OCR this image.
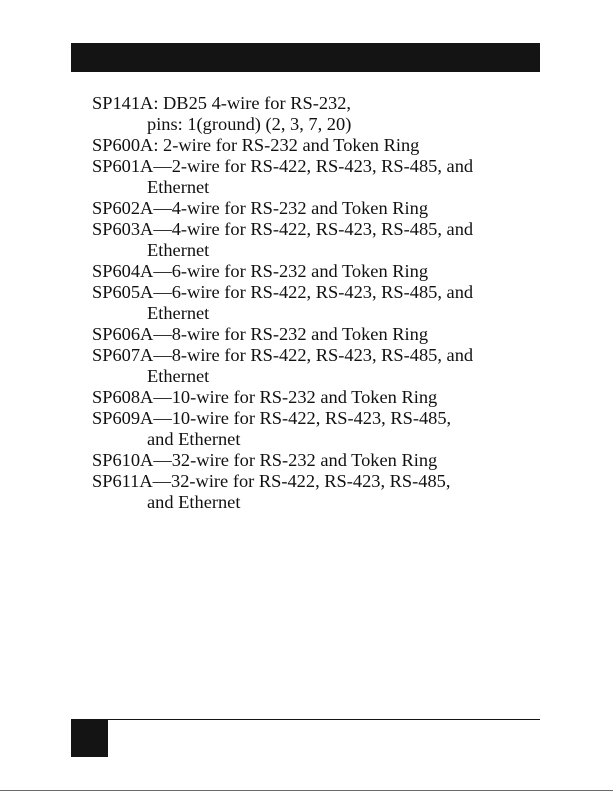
SP141A: DB25 4-wire for RS-232,
pins: 1(ground) (2, 3, 7, 20)
SP600A: 2-wire for RS-232 and Token Ring
SP601A—2-wire for RS-422, RS-423, RS-485, and
Ethernet
SP602A—4-wire for RS-232 and Token Ring
SP603A—4-wire for RS-422, RS-423, RS-485, and
Ethernet
SP604A—6-wire for RS-232 and Token Ring
SP605A—6-wire for RS-422, RS-423, RS-485, and
Ethernet
SP606A—8-wire for RS-232 and Token Ring
SP607A—8-wire for RS-422, RS-423, RS-485, and
Ethernet
SP608A—10-wire for RS-232 and Token Ring
SP609A—10-wire for RS-422, RS-423, RS-485,
and Ethernet
SP610A—32-wire for RS-232 and Token Ring
SP611A—32-wire for RS-422, RS-423, RS-485,
and Ethernet
